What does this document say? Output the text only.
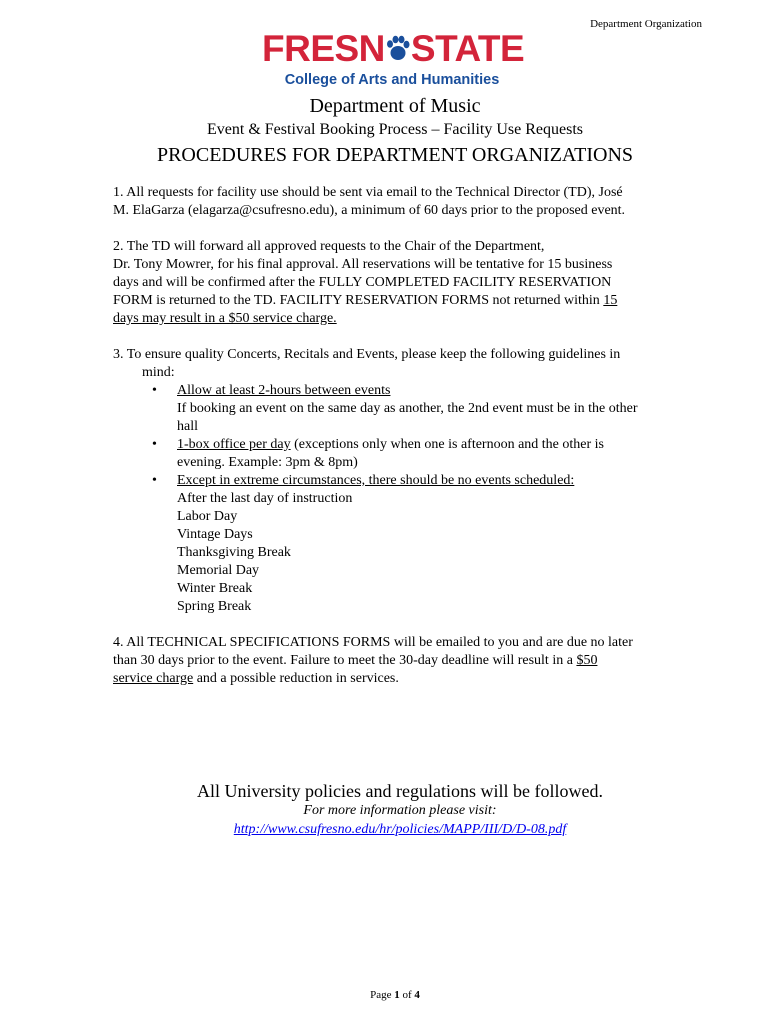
Department Organization
FRESN STATE
College of Arts and Humanities
Department of Music
Event & Festival Booking Process – Facility Use Requests
PROCEDURES FOR DEPARTMENT ORGANIZATIONS
1. All requests for facility use should be sent via email to the Technical Director (TD), José
M. ElaGarza (elagarza@csufresno.edu), a minimum of 60 days prior to the proposed event.
2. The TD will forward all approved requests to the Chair of the Department,
Dr. Tony Mowrer, for his final approval. All reservations will be tentative for 15 business
days and will be confirmed after the FULLY COMPLETED FACILITY RESERVATION
FORM is returned to the TD. FACILITY RESERVATION FORMS not returned within 15
days may result in a $50 service charge.
3. To ensure quality Concerts, Recitals and Events, please keep the following guidelines in
mind:
• Allow at least 2-hours between events
If booking an event on the same day as another, the 2nd event must be in the other
hall
• 1-box office per day (exceptions only when one is afternoon and the other is
evening. Example: 3pm & 8pm)
• Except in extreme circumstances, there should be no events scheduled:
After the last day of instruction
Labor Day
Vintage Days
Thanksgiving Break
Memorial Day
Winter Break
Spring Break
4. All TECHNICAL SPECIFICATIONS FORMS will be emailed to you and are due no later
than 30 days prior to the event. Failure to meet the 30-day deadline will result in a $50
service charge and a possible reduction in services.
All University policies and regulations will be followed.
For more information please visit:
http://www.csufresno.edu/hr/policies/MAPP/III/D/D-08.pdf
Page 1 of 4
